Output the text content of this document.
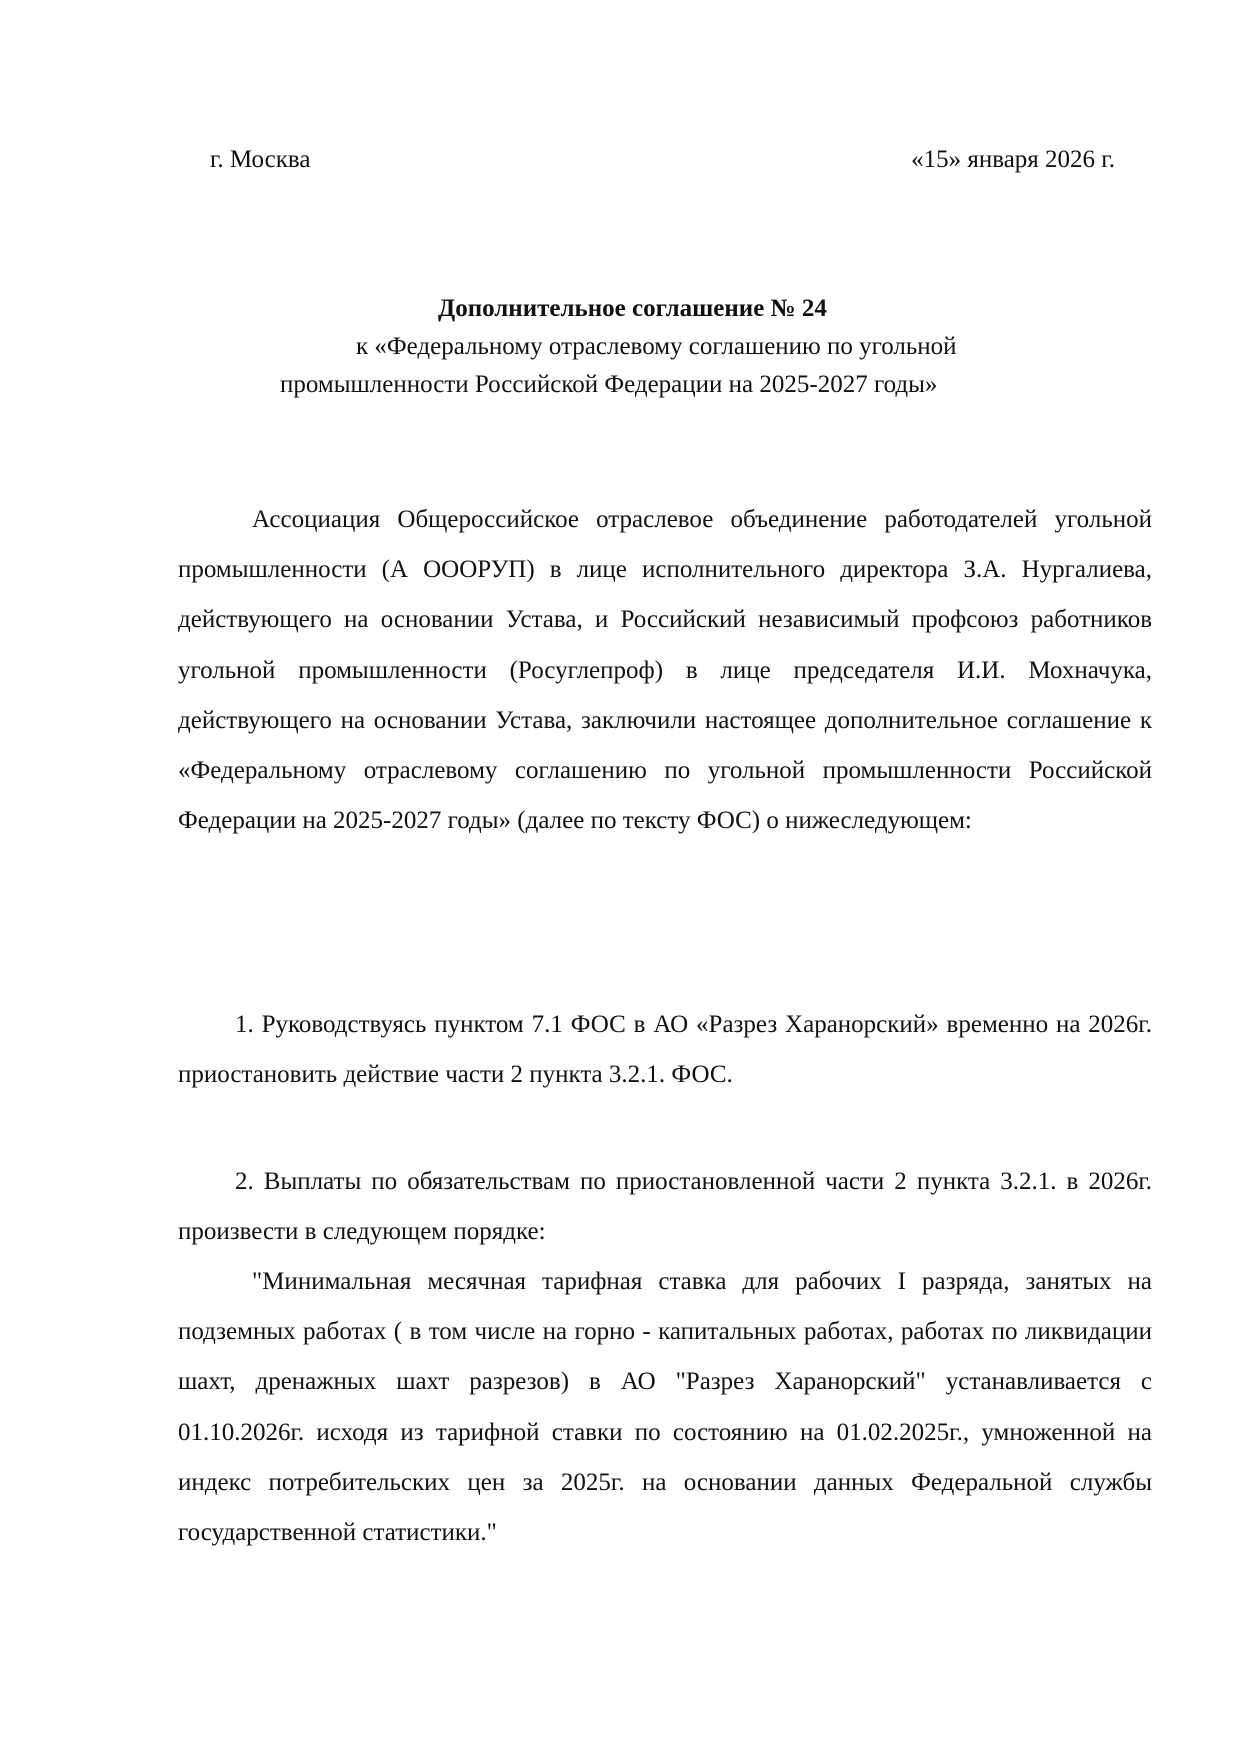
г. Москва	«15» января 2026 г.
Дополнительное соглашение № 24
к «Федеральному отраслевому соглашению по угольной
промышленности Российской Федерации на 2025-2027 годы»

Ассоциация Общероссийское отраслевое объединение работодателей угольной промышленности (А ОООРУП) в лице исполнительного директора З.А. Нургалиева, действующего на основании Устава, и Российский независимый профсоюз работников угольной промышленности (Росуглепроф) в лице председателя И.И. Мохначука, действующего на основании Устава, заключили настоящее дополнительное соглашение к «Федеральному отраслевому соглашению по угольной промышленности Российской Федерации на 2025-2027 годы» (далее по тексту ФОС) о нижеследующем:

1. Руководствуясь пунктом 7.1 ФОС в АО «Разрез Харанорский» временно на 2026г. приостановить действие части 2 пункта 3.2.1. ФОС.

2. Выплаты по обязательствам по приостановленной части 2 пункта 3.2.1. в 2026г. произвести в следующем порядке:

"Минимальная месячная тарифная ставка для рабочих I разряда, занятых на подземных работах ( в том числе на горно - капитальных работах, работах по ликвидации шахт, дренажных шахт разрезов) в АО "Разрез Харанорский" устанавливается с 01.10.2026г. исходя из тарифной ставки по состоянию на 01.02.2025г., умноженной на индекс потребительских цен за 2025г. на основании данных Федеральной службы государственной статистики."
